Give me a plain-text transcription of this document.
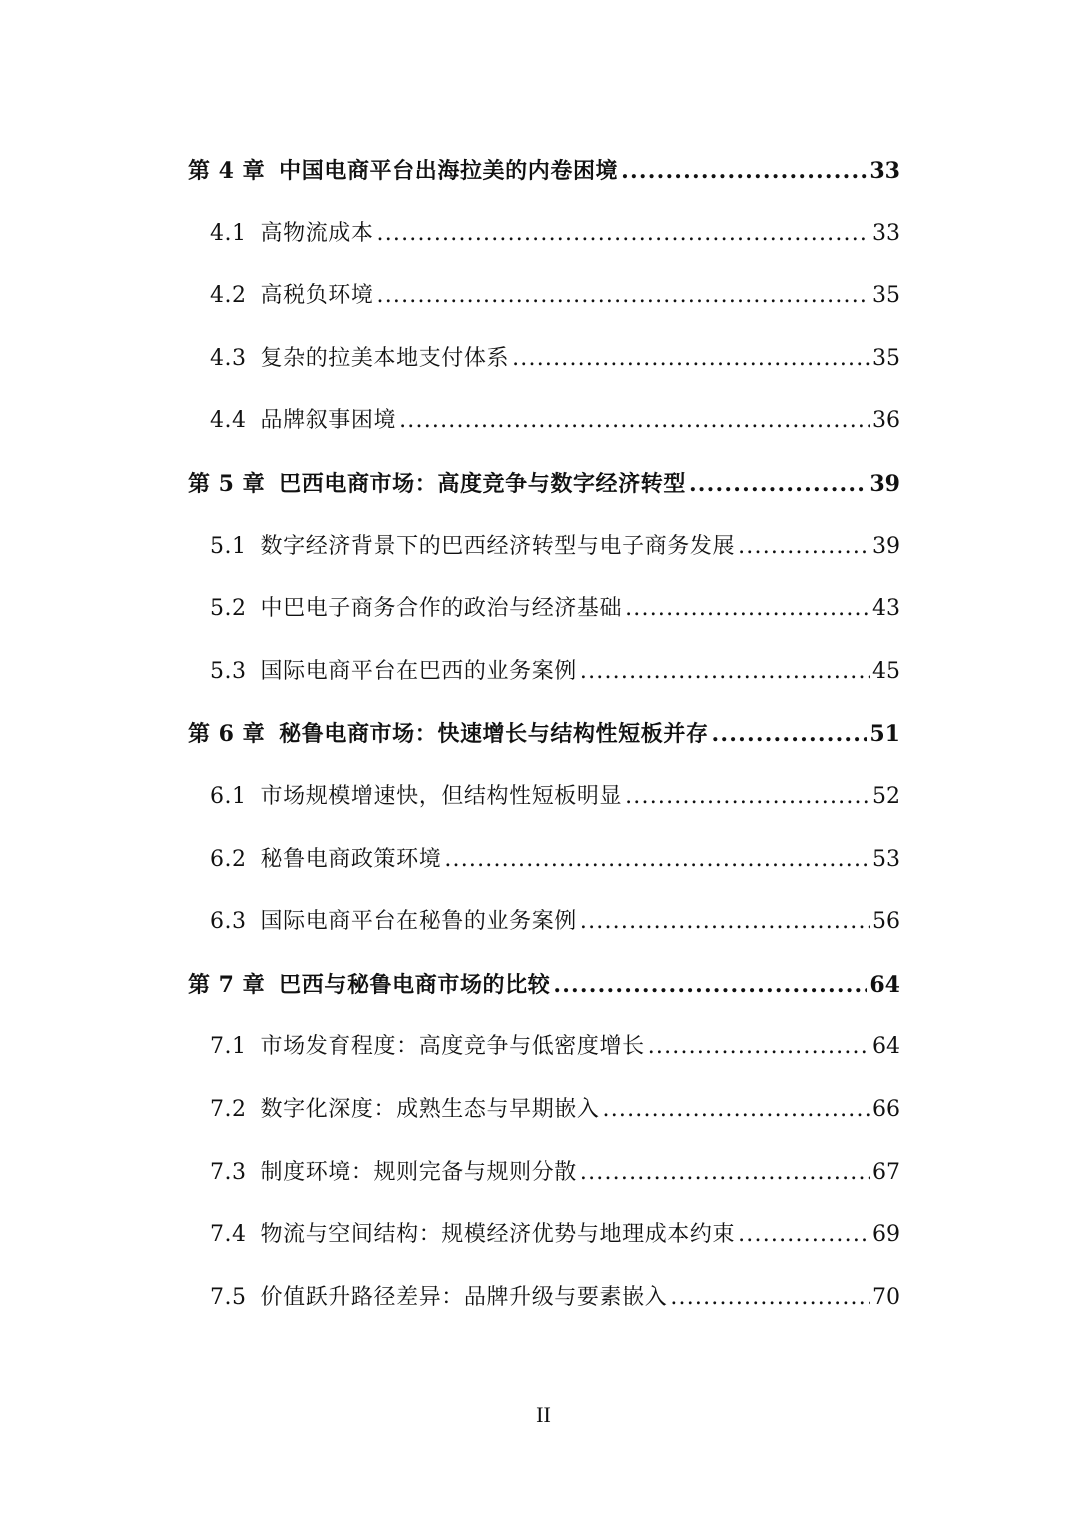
第 4 章 中国电商平台出海拉美的内卷困境 .....	33
4.1 高物流成本 .....	33
4.2 高税负环境 .....	35
4.3 复杂的拉美本地支付体系 .....	35
4.4 品牌叙事困境 .....	36
第 5 章 巴西电商市场：高度竞争与数字经济转型 .....	39
5.1 数字经济背景下的巴西经济转型与电子商务发展 .....	39
5.2 中巴电子商务合作的政治与经济基础 .....	43
5.3 国际电商平台在巴西的业务案例 .....	45
第 6 章 秘鲁电商市场：快速增长与结构性短板并存 .....	51
6.1 市场规模增速快，但结构性短板明显 .....	52
6.2 秘鲁电商政策环境 .....	53
6.3 国际电商平台在秘鲁的业务案例 .....	56
第 7 章 巴西与秘鲁电商市场的比较 .....	64
7.1 市场发育程度：高度竞争与低密度增长 .....	64
7.2 数字化深度：成熟生态与早期嵌入 .....	66
7.3 制度环境：规则完备与规则分散 .....	67
7.4 物流与空间结构：规模经济优势与地理成本约束 .....	69
7.5 价值跃升路径差异：品牌升级与要素嵌入 .....	70
II
